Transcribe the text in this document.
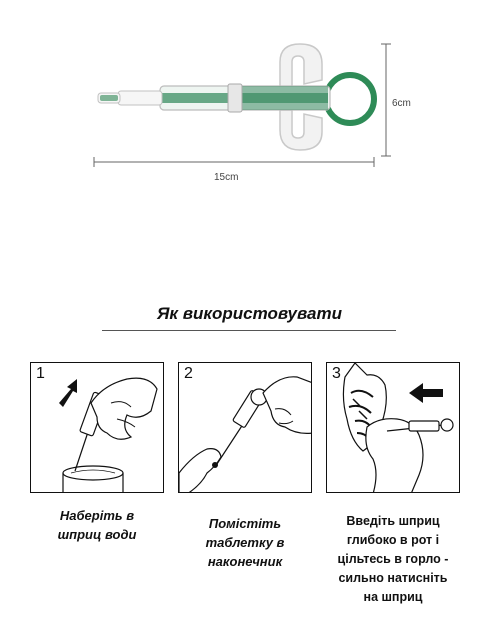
15cm
6cm
Як використовувати
1	2	3
Наберіть в
шприц води
Помістіть
таблетку в
наконечник
Введіть шприц
глибоко в рот і
цільтесь в горло -
сильно натисніть
на шприц
